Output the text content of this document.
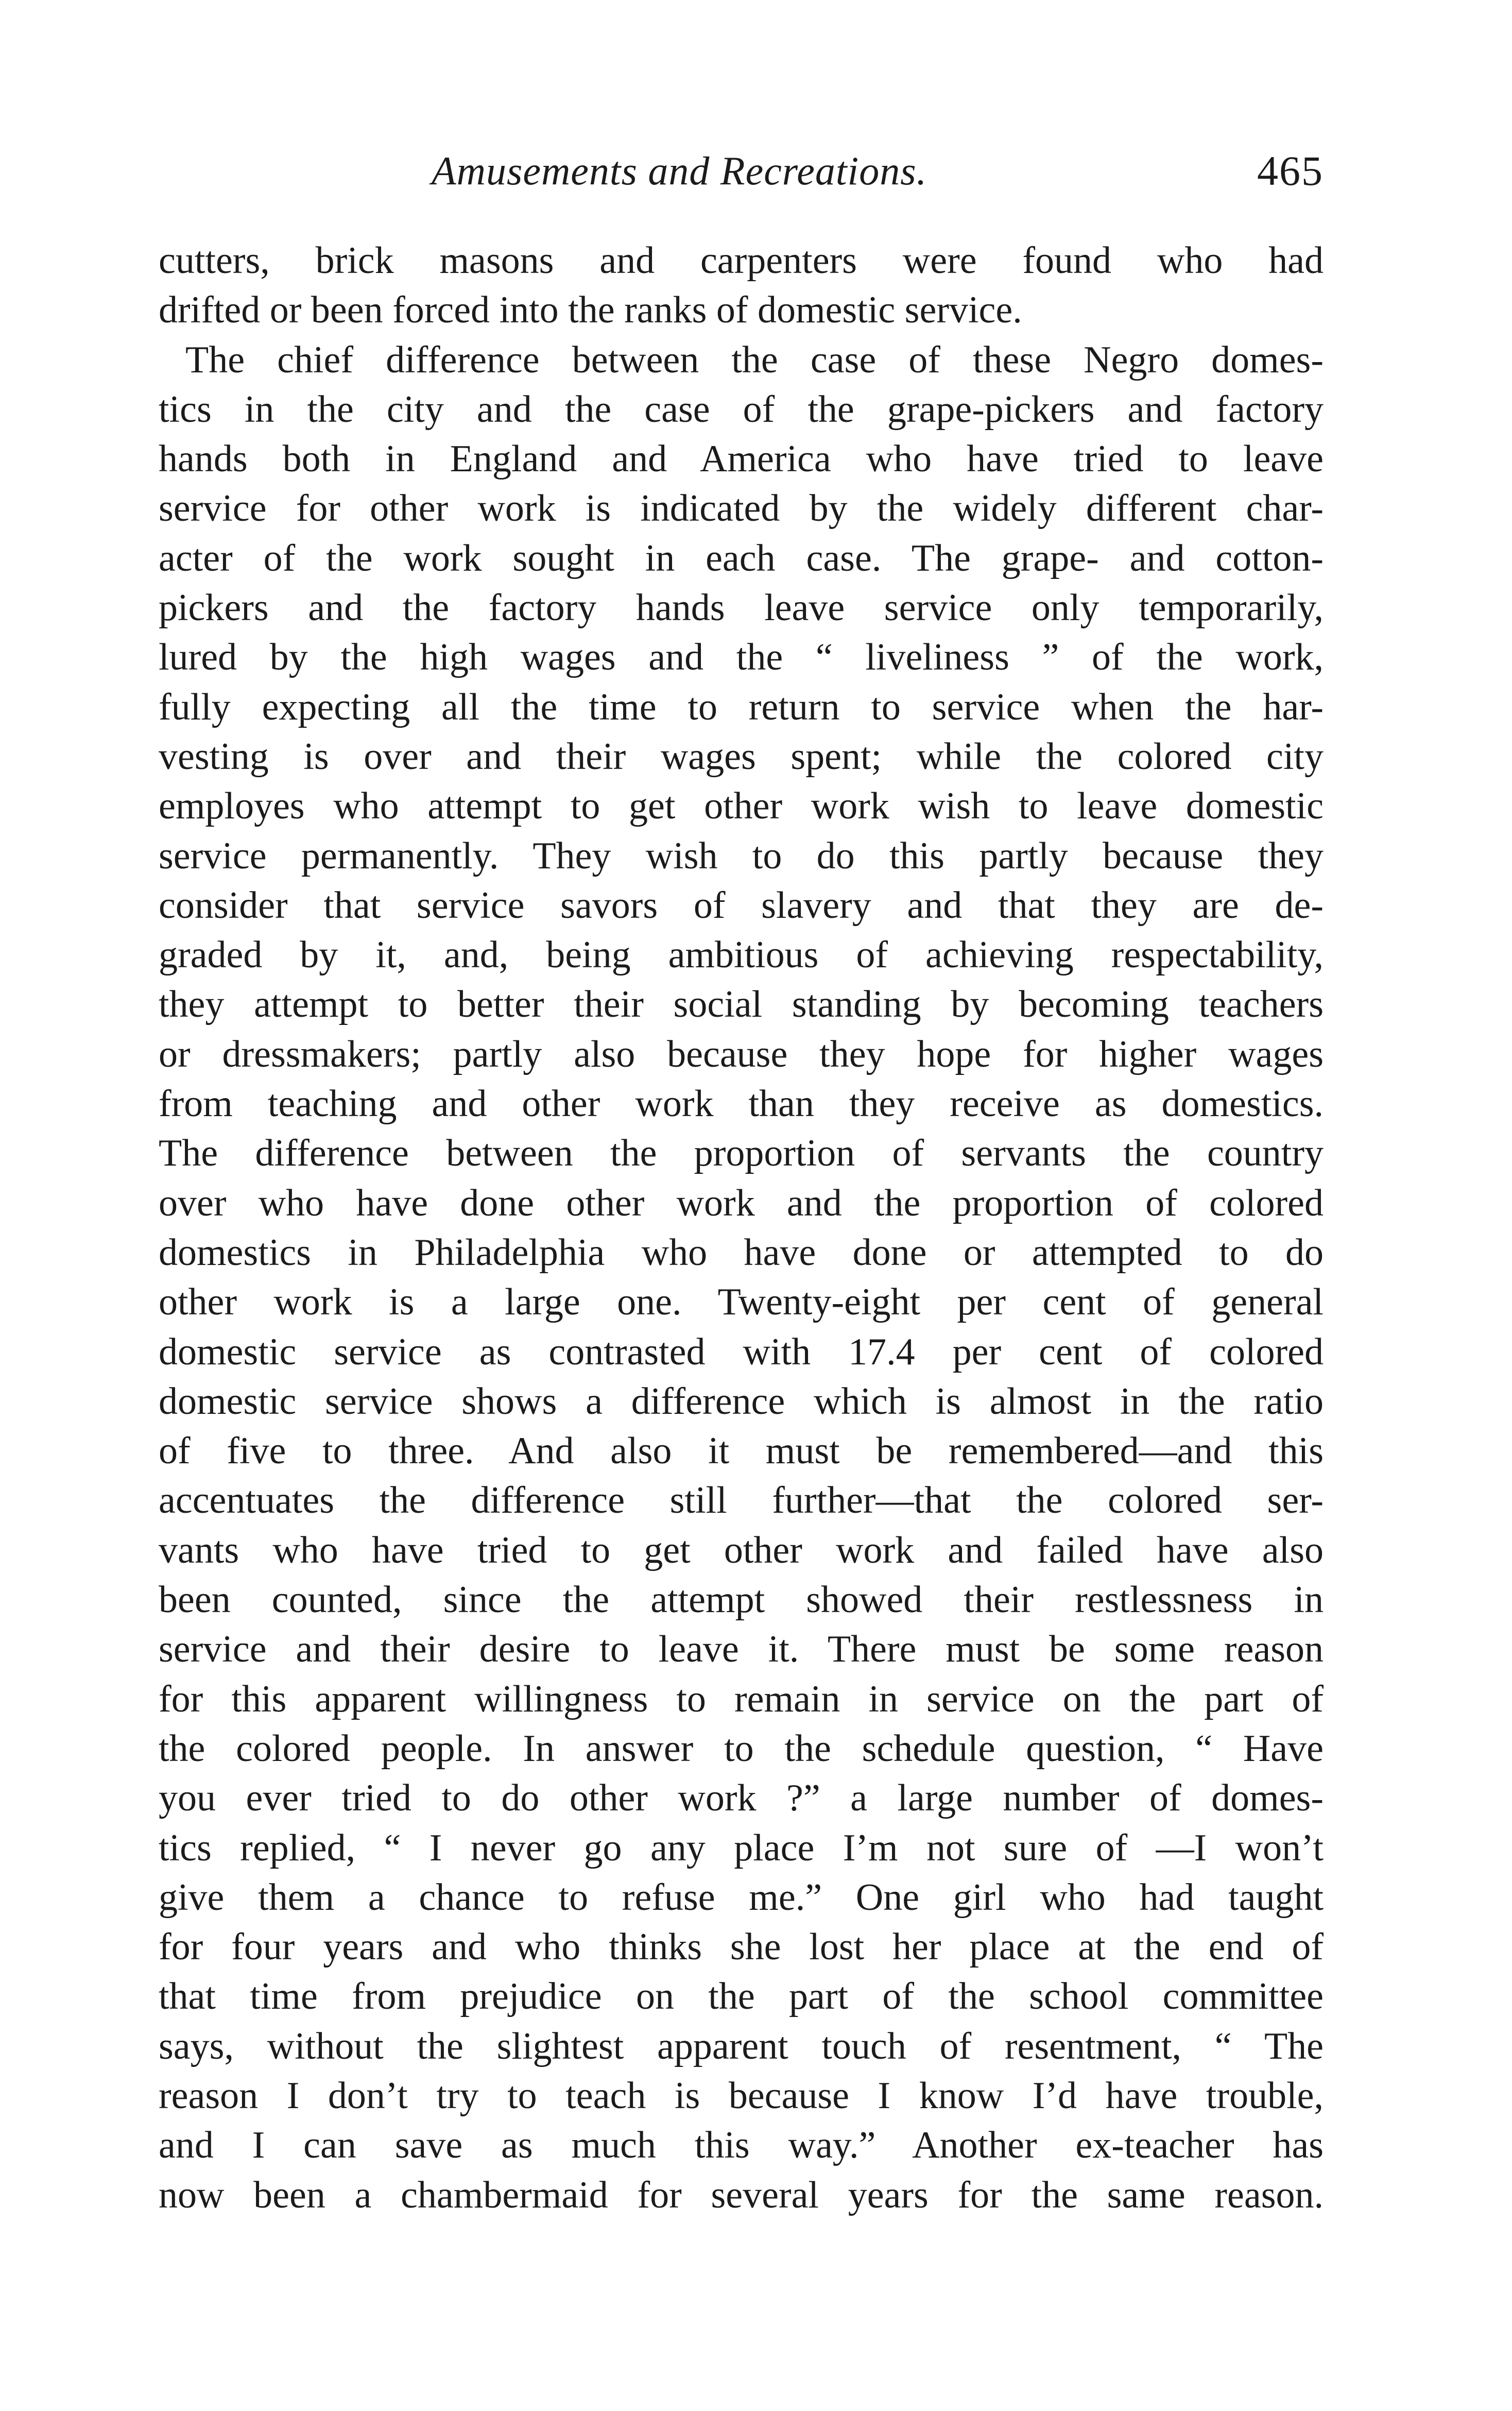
Amusements and Recreations.	465
cutters, brick masons and carpenters were found who had
drifted or been forced into the ranks of domestic service.
The chief difference between the case of these Negro domes-
tics in the city and the case of the grape-pickers and factory
hands both in England and America who have tried to leave
service for other work is indicated by the widely different char-
acter of the work sought in each case. The grape- and cotton-
pickers and the factory hands leave service only temporarily,
lured by the high wages and the “ liveliness ” of the work,
fully expecting all the time to return to service when the har-
vesting is over and their wages spent; while the colored city
employes who attempt to get other work wish to leave domestic
service permanently. They wish to do this partly because they
consider that service savors of slavery and that they are de-
graded by it, and, being ambitious of achieving respectability,
they attempt to better their social standing by becoming teachers
or dressmakers; partly also because they hope for higher wages
from teaching and other work than they receive as domestics.
The difference between the proportion of servants the country
over who have done other work and the proportion of colored
domestics in Philadelphia who have done or attempted to do
other work is a large one. Twenty-eight per cent of general
domestic service as contrasted with 17.4 per cent of colored
domestic service shows a difference which is almost in the ratio
of five to three. And also it must be remembered—and this
accentuates the difference still further—that the colored ser-
vants who have tried to get other work and failed have also
been counted, since the attempt showed their restlessness in
service and their desire to leave it. There must be some reason
for this apparent willingness to remain in service on the part of
the colored people. In answer to the schedule question, “ Have
you ever tried to do other work ?” a large number of domes-
tics replied, “ I never go any place I’m not sure of —I won’t
give them a chance to refuse me.” One girl who had taught
for four years and who thinks she lost her place at the end of
that time from prejudice on the part of the school committee
says, without the slightest apparent touch of resentment, “ The
reason I don’t try to teach is because I know I’d have trouble,
and I can save as much this way.” Another ex-teacher has
now been a chambermaid for several years for the same reason.
